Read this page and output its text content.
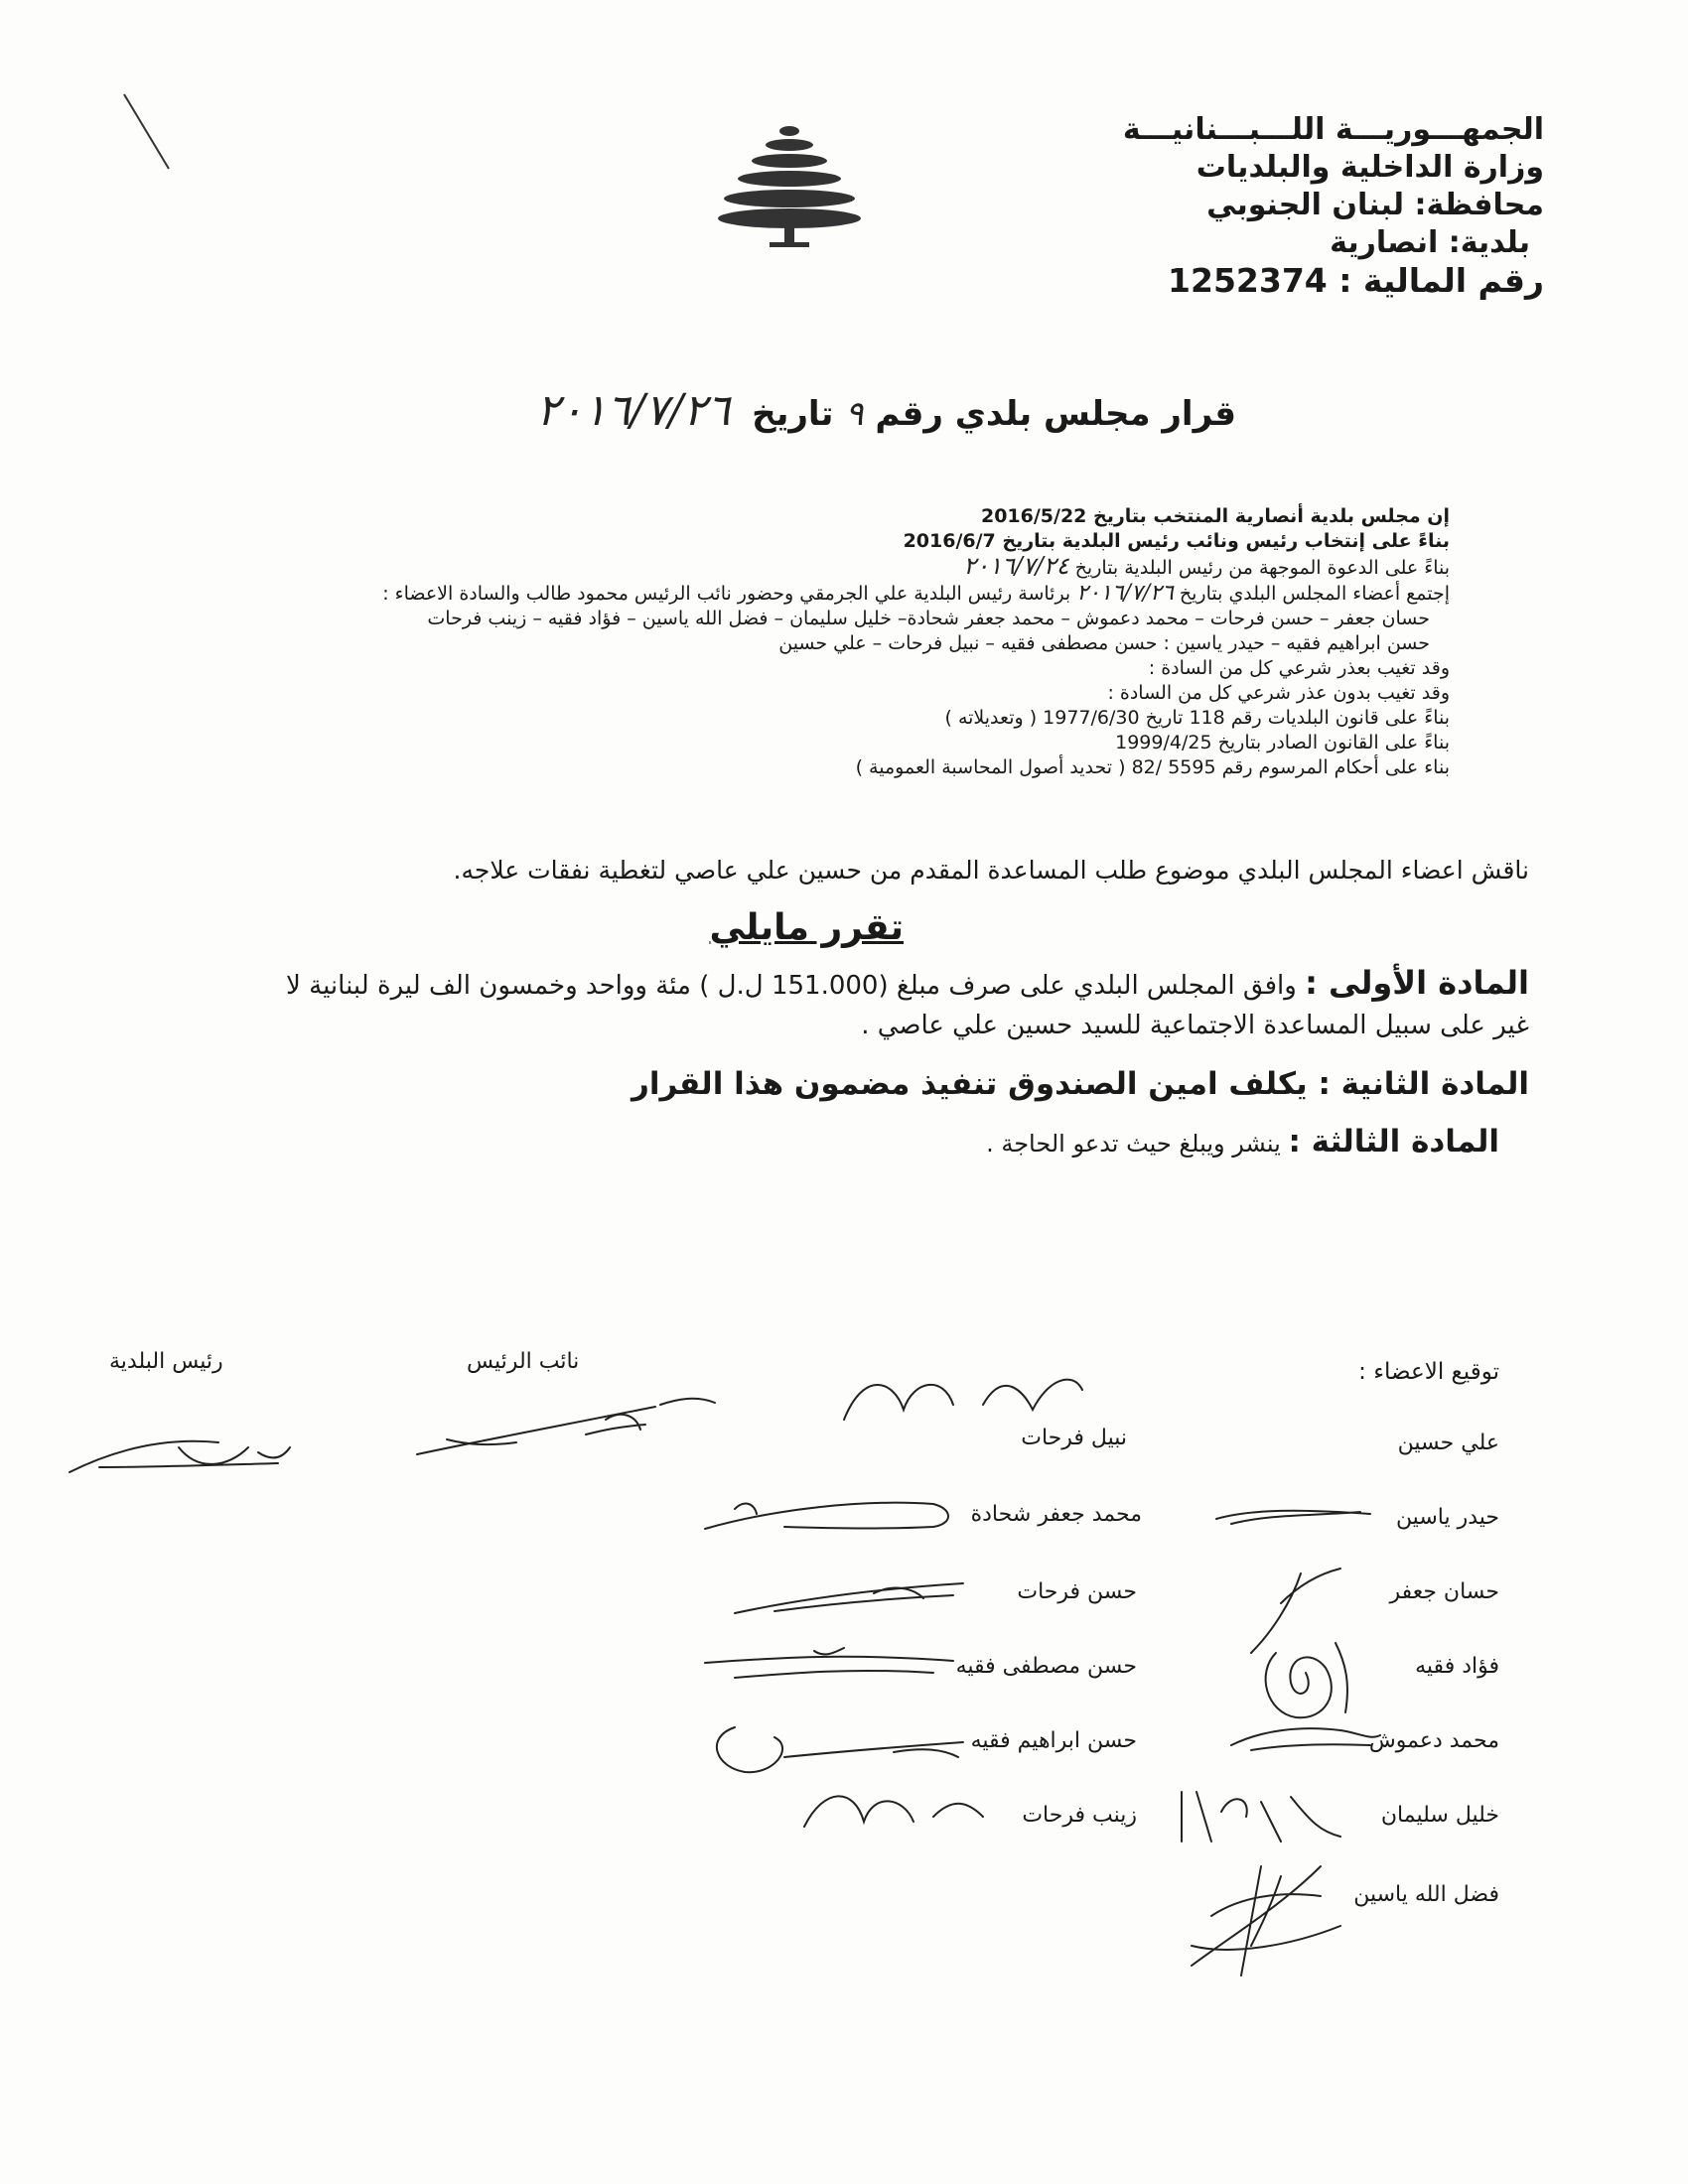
الجمهـــوريـــة اللـــبـــنانيـــة
وزارة الداخلية والبلديات
محافظة: لبنان الجنوبي
بلدية: انصارية
رقم المالية : 1252374
قرار مجلس بلدي رقم ٩ تاريخ ٢٠١٦/٧/٢٦
إن مجلس بلدية أنصارية المنتخب بتاريخ 2016/5/22
بناءً على إنتخاب رئيس ونائب رئيس البلدية بتاريخ 2016/6/7
بناءً على الدعوة الموجهة من رئيس البلدية بتاريخ ٢٠١٦/٧/٢٤
إجتمع أعضاء المجلس البلدي بتاريخ ٢٠١٦/٧/٢٦ برئاسة رئيس البلدية علي الجرمقي وحضور نائب الرئيس محمود طالب والسادة الاعضاء :
حسان جعفر – حسن فرحات – محمد دعموش – محمد جعفر شحادة– خليل سليمان – فضل الله ياسين – فؤاد فقيه – زينب فرحات
حسن ابراهيم فقيه – حيدر ياسين : حسن مصطفى فقيه – نبيل فرحات – علي حسين
وقد تغيب بعذر شرعي كل من السادة :
وقد تغيب بدون عذر شرعي كل من السادة :
بناءً على قانون البلديات رقم 118 تاريخ 1977/6/30 ( وتعديلاته )
بناءً على القانون الصادر بتاريخ 1999/4/25
بناء على أحكام المرسوم رقم 5595 /82 ( تحديد أصول المحاسبة العمومية )
ناقش اعضاء المجلس البلدي موضوع طلب المساعدة المقدم من حسين علي عاصي لتغطية نفقات علاجه.
تقرر مايلي
المادة الأولى : وافق المجلس البلدي على صرف مبلغ (151.000 ل.ل ) مئة وواحد وخمسون الف ليرة لبنانية لا
غير على سبيل المساعدة الاجتماعية للسيد حسين علي عاصي .
المادة الثانية : يكلف امين الصندوق تنفيذ مضمون هذا القرار
المادة الثالثة : ينشر ويبلغ حيث تدعو الحاجة .
توقيع الاعضاء :
نائب الرئيس
رئيس البلدية
علي حسين
حيدر ياسين
حسان جعفر
فؤاد فقيه
محمد دعموش
خليل سليمان
فضل الله ياسين
نبيل فرحات
محمد جعفر شحادة
حسن فرحات
حسن مصطفى فقيه
حسن ابراهيم فقيه
زينب فرحات
